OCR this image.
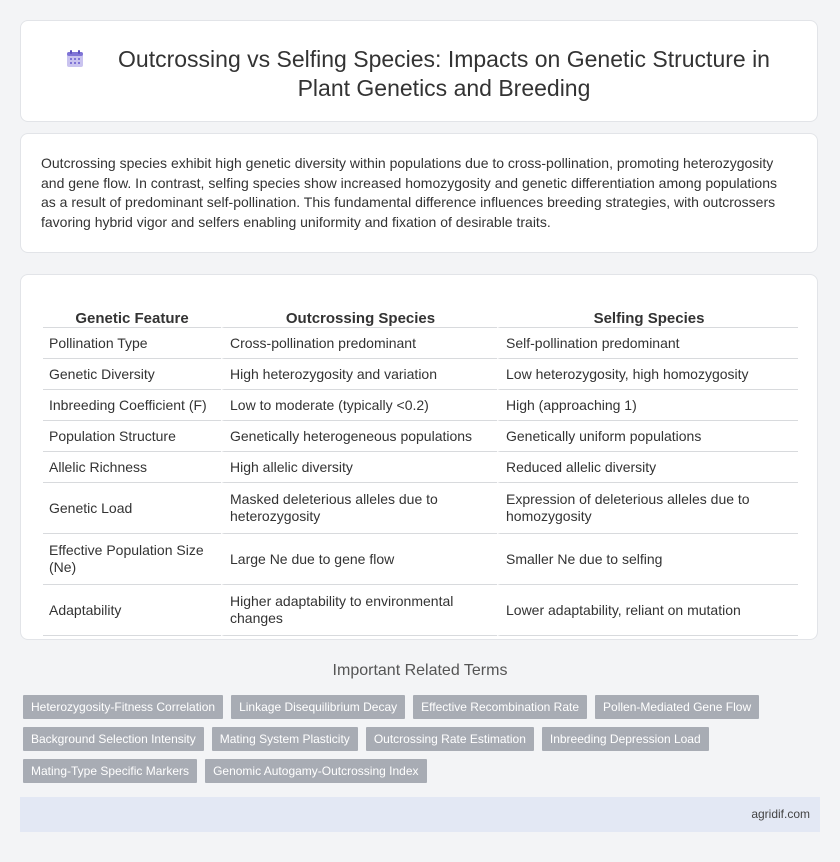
Outcrossing vs Selfing Species: Impacts on Genetic Structure in Plant Genetics and Breeding
Outcrossing species exhibit high genetic diversity within populations due to cross-pollination, promoting heterozygosity and gene flow. In contrast, selfing species show increased homozygosity and genetic differentiation among populations as a result of predominant self-pollination. This fundamental difference influences breeding strategies, with outcrossers favoring hybrid vigor and selfers enabling uniformity and fixation of desirable traits.
Genetic Feature	Outcrossing Species	Selfing Species
Pollination Type	Cross-pollination predominant	Self-pollination predominant
Genetic Diversity	High heterozygosity and variation	Low heterozygosity, high homozygosity
Inbreeding Coefficient (F)	Low to moderate (typically <0.2)	High (approaching 1)
Population Structure	Genetically heterogeneous populations	Genetically uniform populations
Allelic Richness	High allelic diversity	Reduced allelic diversity
Genetic Load	Masked deleterious alleles due to heterozygosity	Expression of deleterious alleles due to homozygosity
Effective Population Size (Ne)	Large Ne due to gene flow	Smaller Ne due to selfing
Adaptability	Higher adaptability to environmental changes	Lower adaptability, reliant on mutation
Important Related Terms
Heterozygosity-Fitness Correlation	Linkage Disequilibrium Decay	Effective Recombination Rate	Pollen-Mediated Gene Flow
Background Selection Intensity	Mating System Plasticity	Outcrossing Rate Estimation	Inbreeding Depression Load
Mating-Type Specific Markers	Genomic Autogamy-Outcrossing Index
agridif.com
